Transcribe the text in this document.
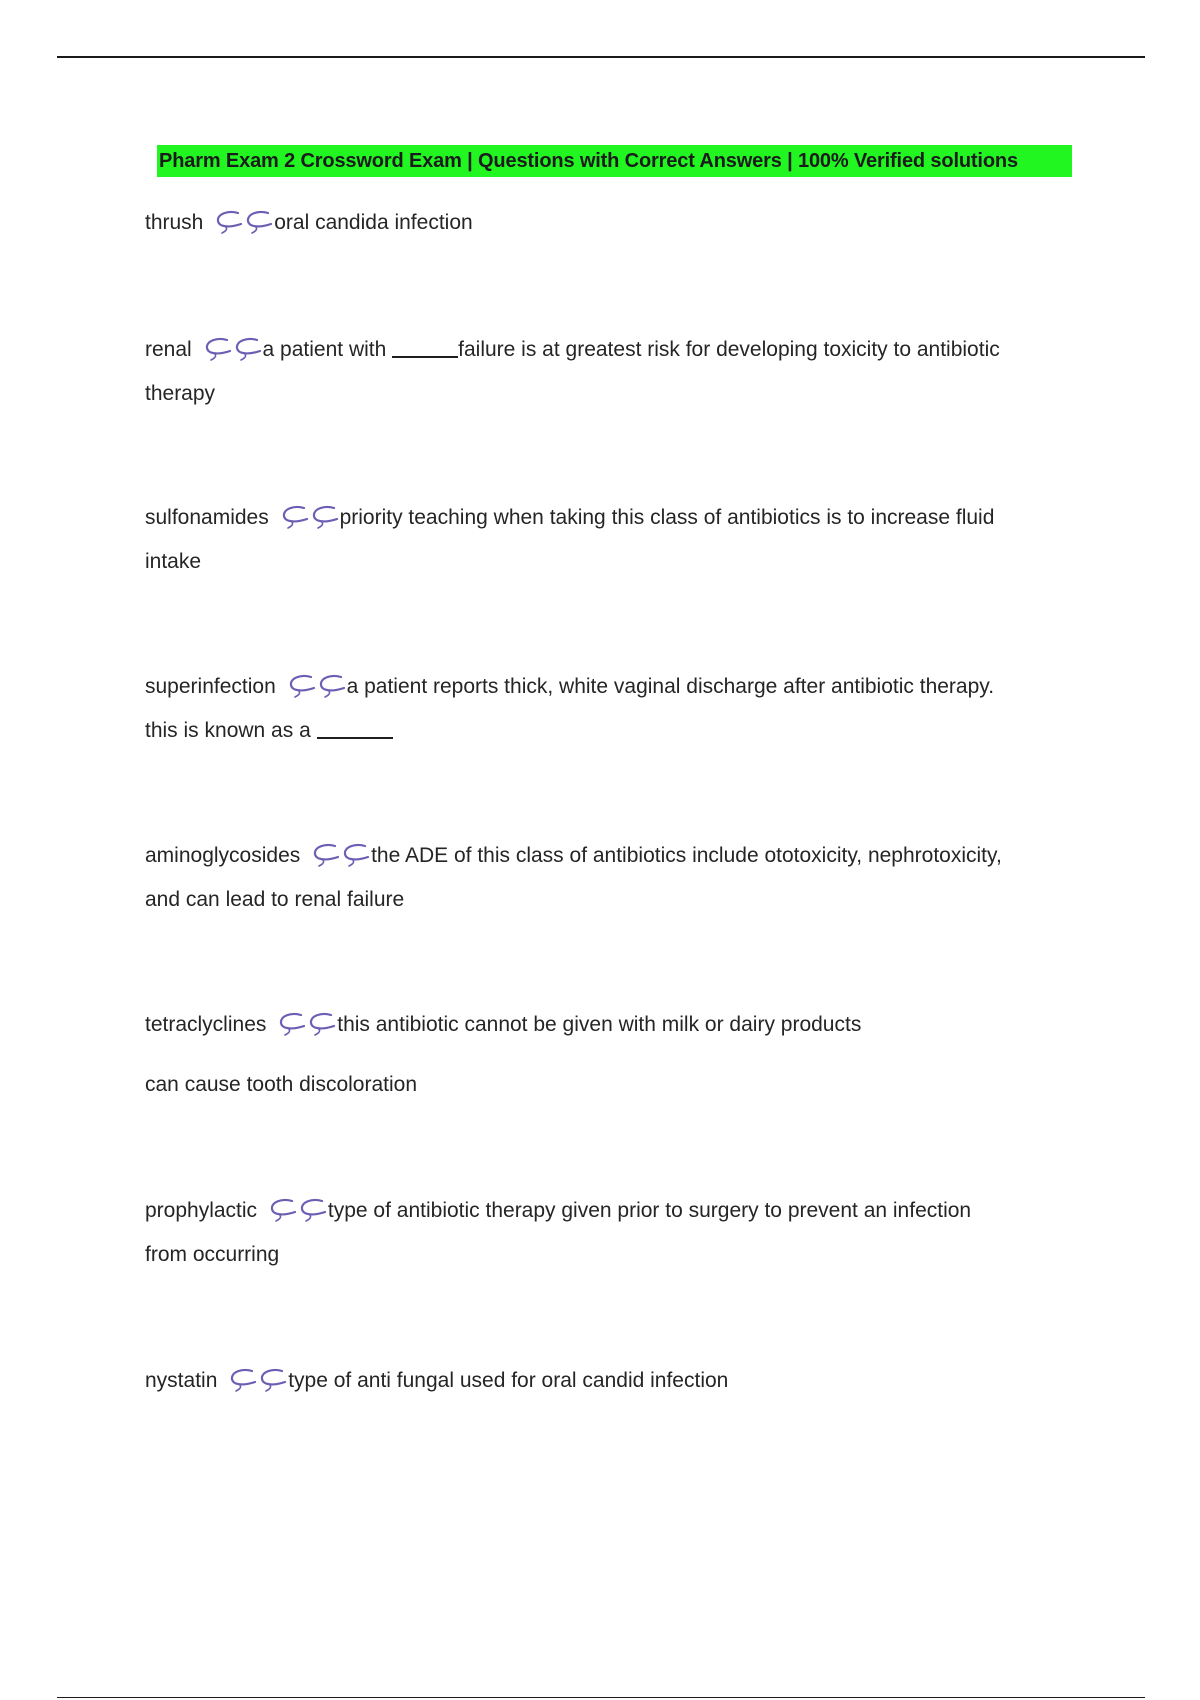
Pharm Exam 2 Crossword Exam | Questions with Correct Answers | 100% Verified solutions
thrush	oral candida infection
renal	a patient with	failure is at greatest risk for developing toxicity to antibiotic
therapy
sulfonamides	priority teaching when taking this class of antibiotics is to increase fluid
intake
superinfection	a patient reports thick, white vaginal discharge after antibiotic therapy.
this is known as a
aminoglycosides	the ADE of this class of antibiotics include ototoxicity, nephrotoxicity,
and can lead to renal failure
tetraclyclines	this antibiotic cannot be given with milk or dairy products
can cause tooth discoloration
prophylactic	type of antibiotic therapy given prior to surgery to prevent an infection
from occurring
nystatin	type of anti fungal used for oral candid infection
